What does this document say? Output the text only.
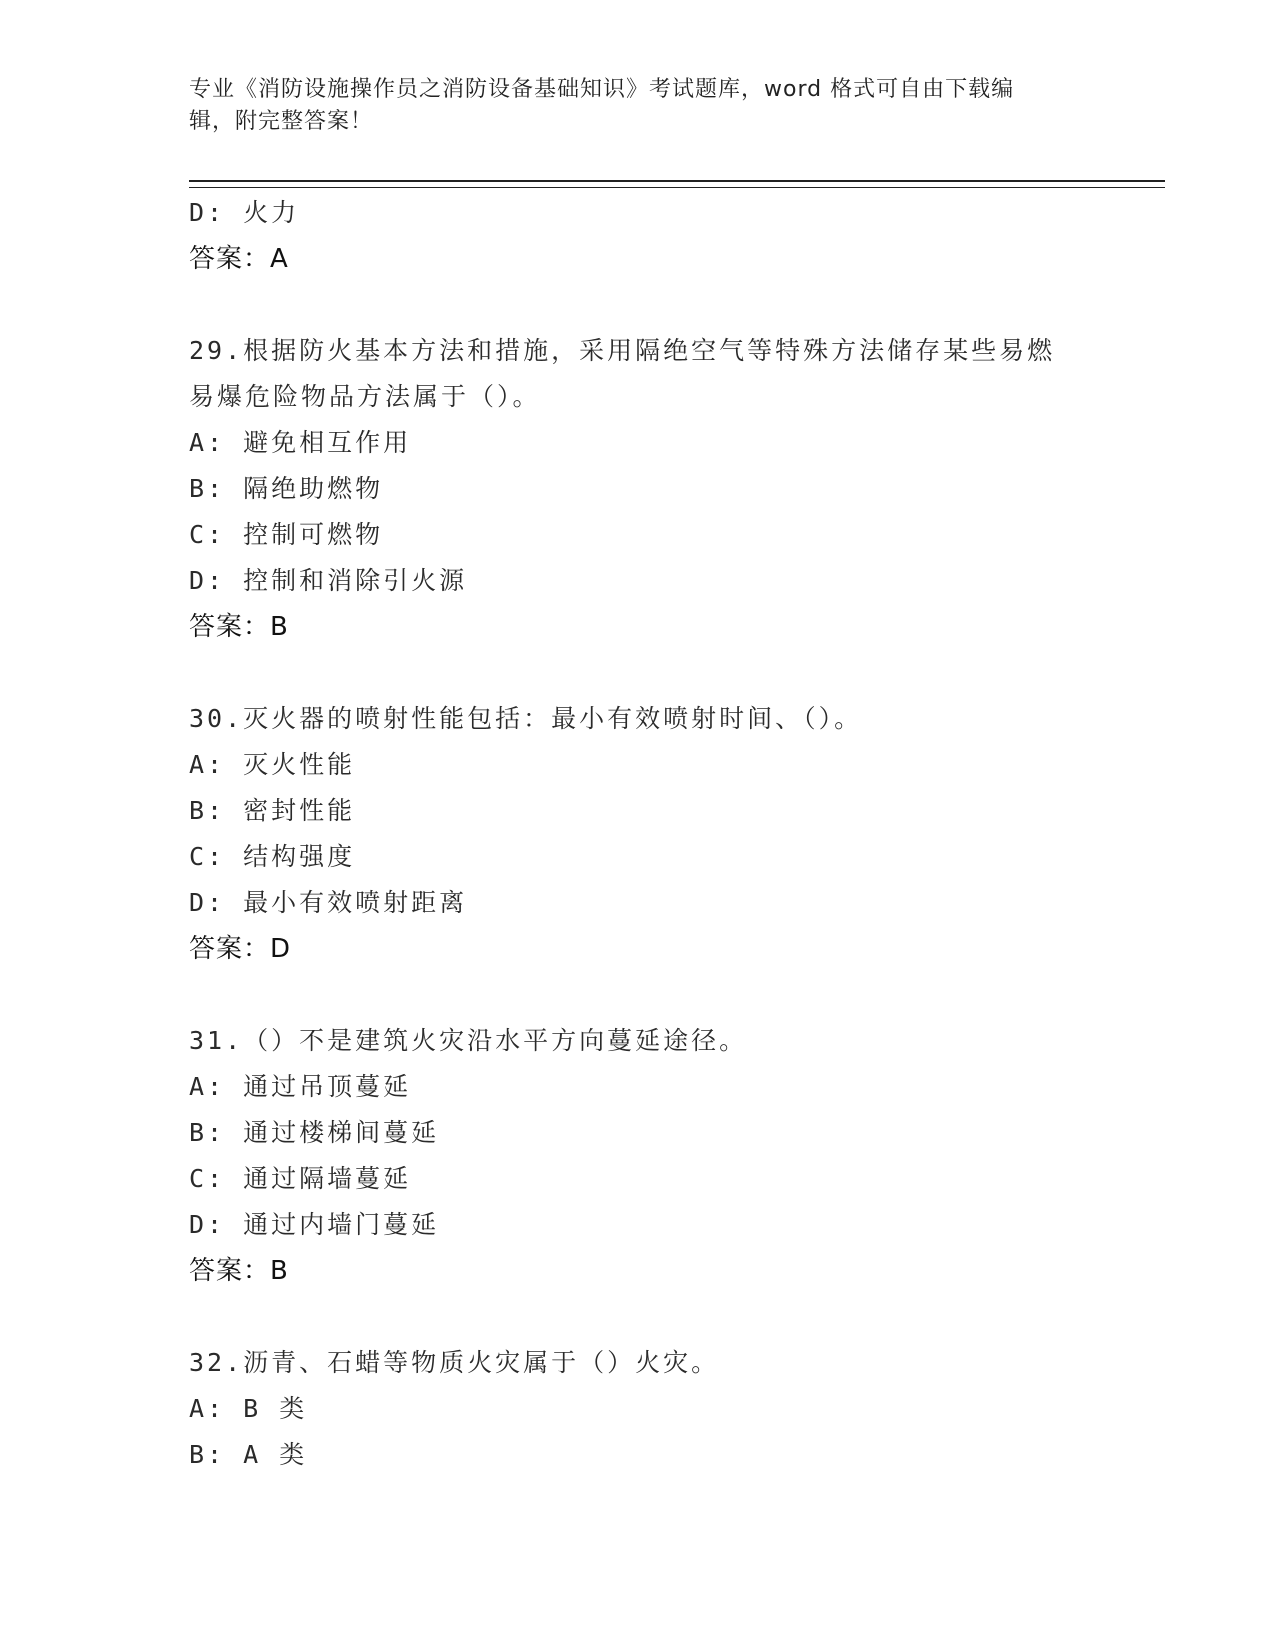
专业《消防设施操作员之消防设备基础知识》考试题库，word 格式可自由下载编
辑，附完整答案！
D: 火力
答案：A
29.根据防火基本方法和措施，采用隔绝空气等特殊方法储存某些易燃
易爆危险物品方法属于（）。
A: 避免相互作用
B: 隔绝助燃物
C: 控制可燃物
D: 控制和消除引火源
答案：B
30.灭火器的喷射性能包括：最小有效喷射时间、（）。
A: 灭火性能
B: 密封性能
C: 结构强度
D: 最小有效喷射距离
答案：D
31.（）不是建筑火灾沿水平方向蔓延途径。
A: 通过吊顶蔓延
B: 通过楼梯间蔓延
C: 通过隔墙蔓延
D: 通过内墙门蔓延
答案：B
32.沥青、石蜡等物质火灾属于（）火灾。
A: B 类
B: A 类
